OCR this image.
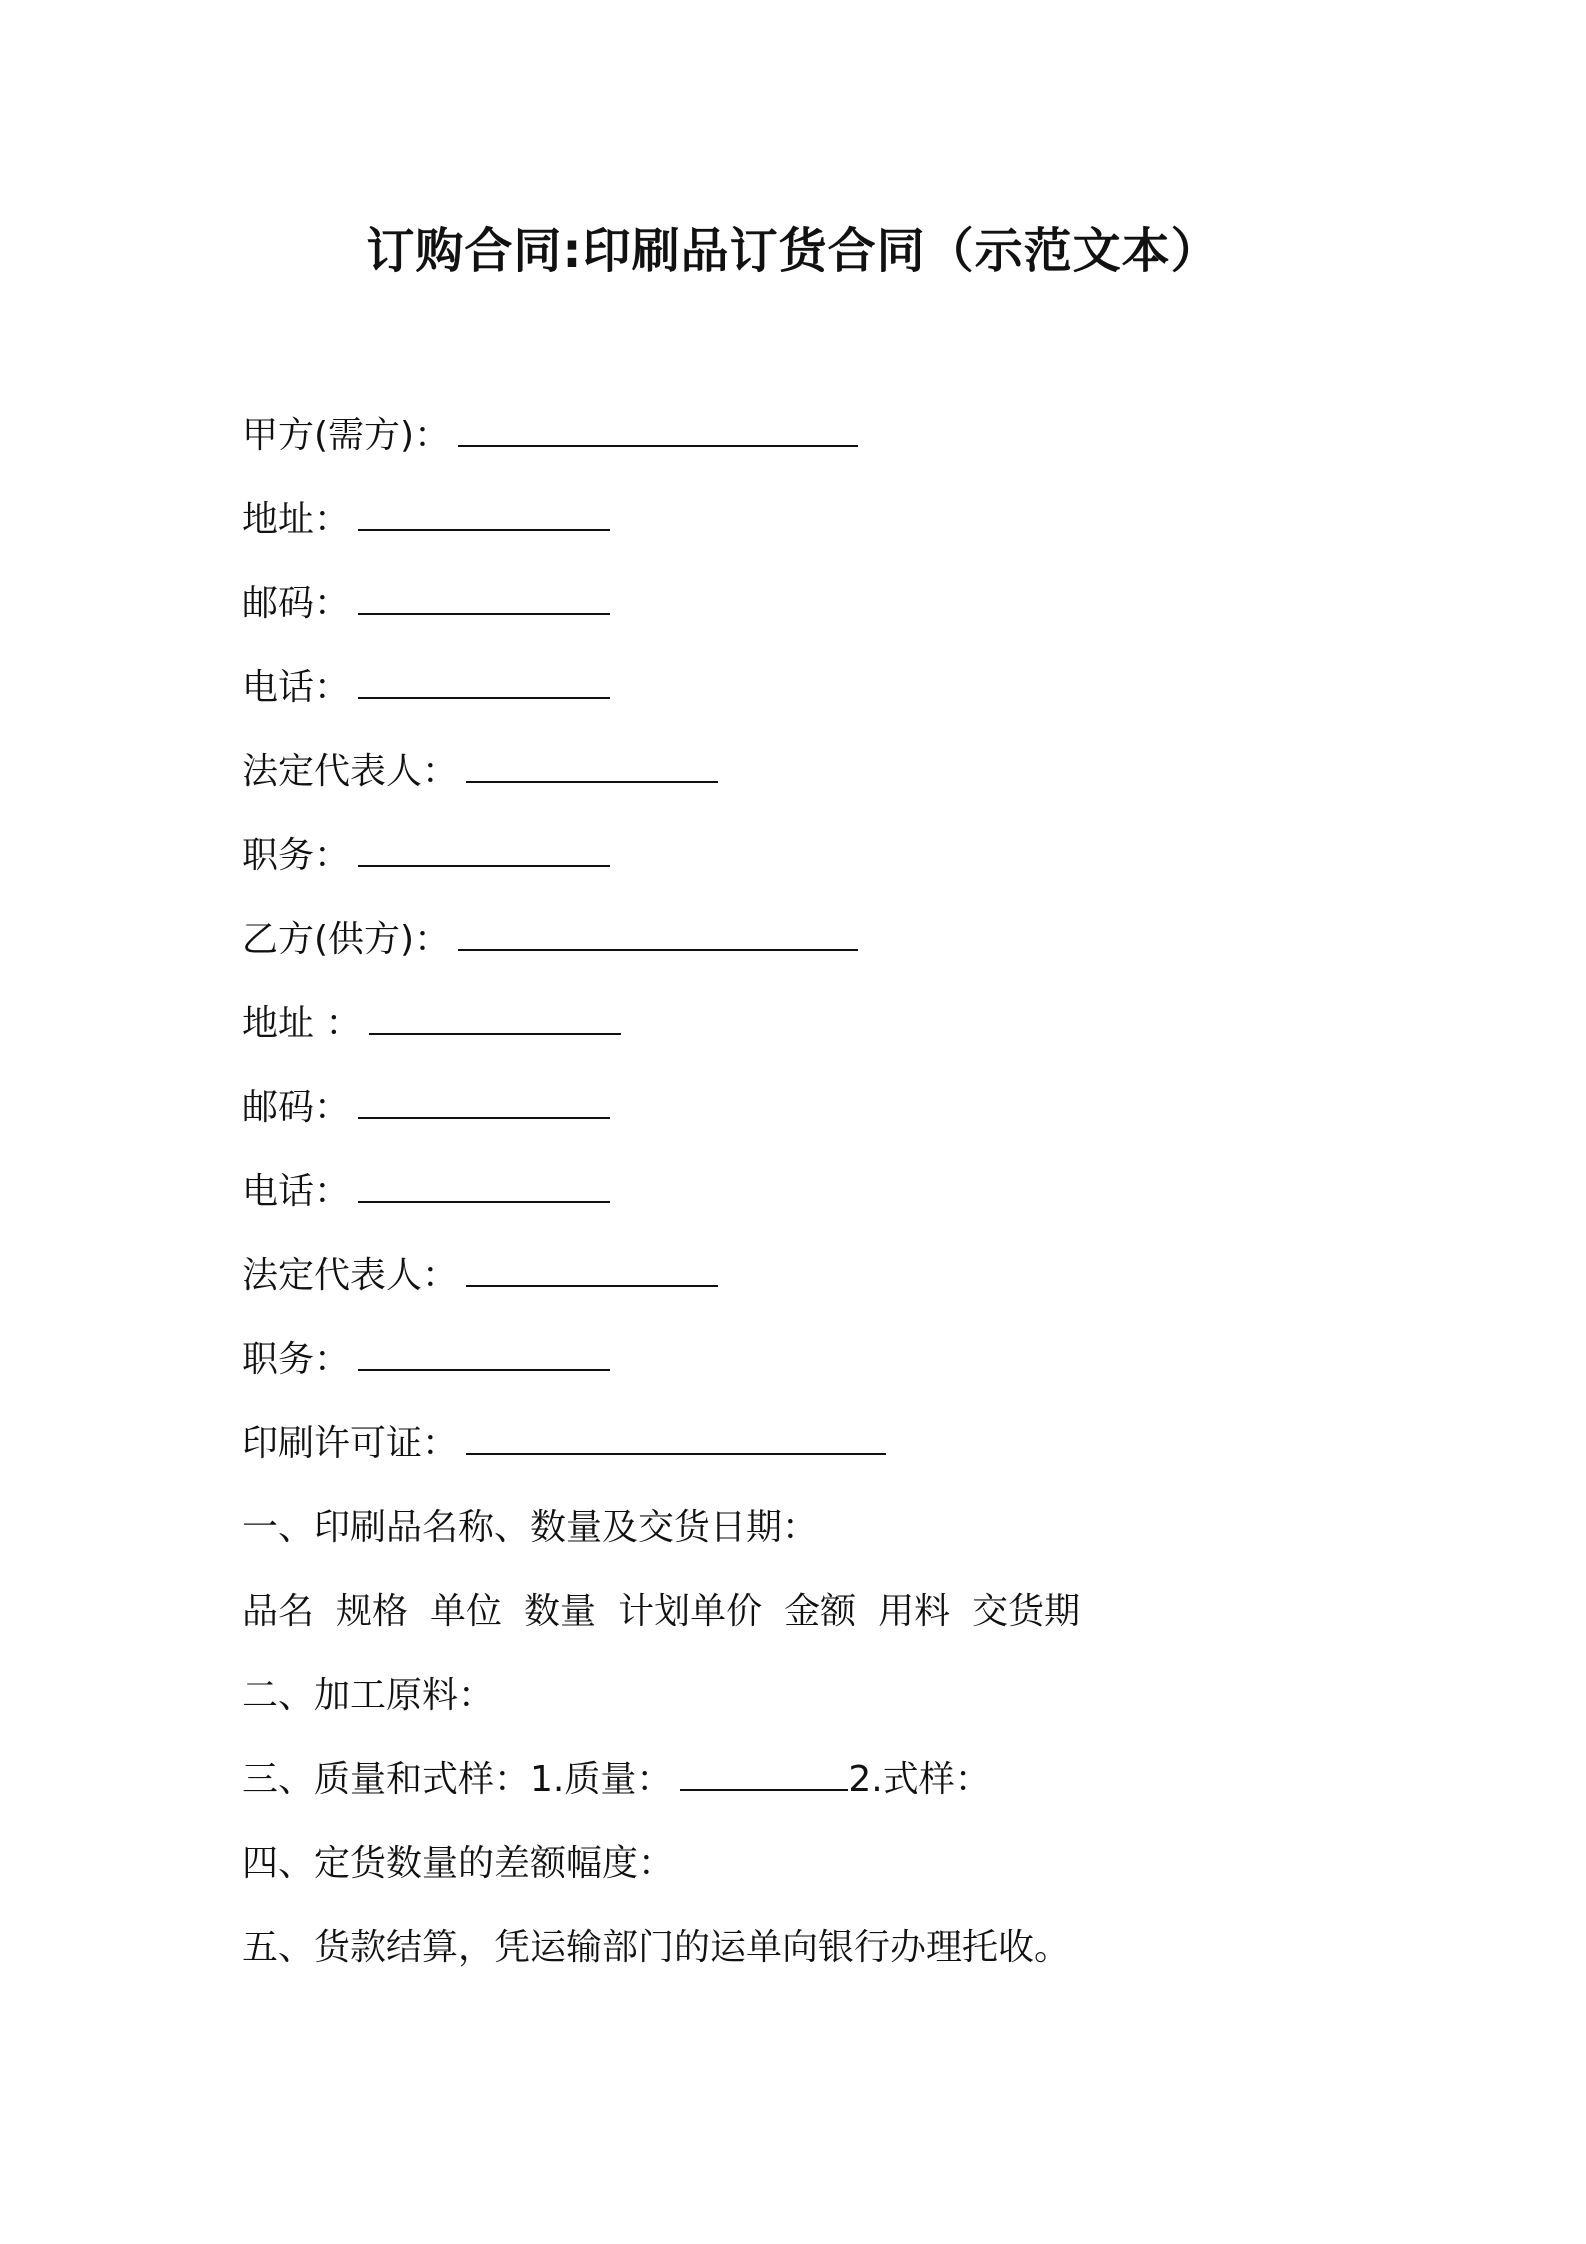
订购合同:印刷品订货合同（示范文本）
甲方(需方)：
地址：
邮码：
电话：
法定代表人：
职务：
乙方(供方)：
地址 ：
邮码：
电话：
法定代表人：
职务：
印刷许可证：
一、印刷品名称、数量及交货日期：
品名 规格 单位 数量 计划单价 金额 用料 交货期
二、加工原料：
三、质量和式样：1.质量：	2.式样：
四、定货数量的差额幅度：
五、货款结算，凭运输部门的运单向银行办理托收。
